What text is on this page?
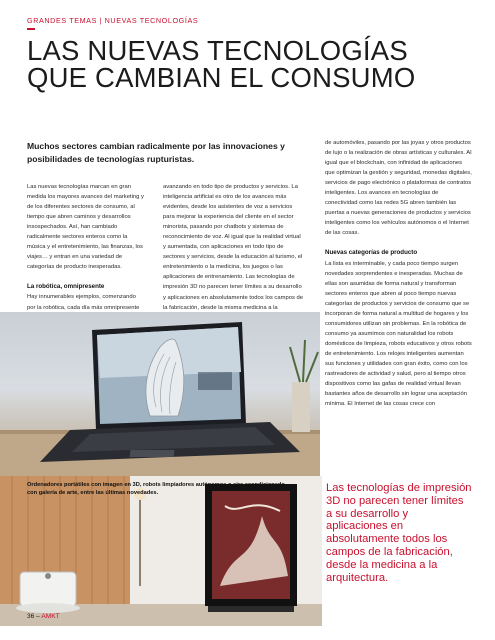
GRANDES TEMAS | NUEVAS TECNOLOGÍAS
LAS NUEVAS TECNOLOGÍAS
QUE CAMBIAN EL CONSUMO
Muchos sectores cambian radicalmente por las innovaciones y posibilidades de tecnologías rupturistas.

Las nuevas tecnologías marcan en gran medida los mayores avances del marketing y de los diferentes sectores de consumo, al tiempo que abren caminos y desarrollos insospechados. Así, han cambiado radicalmente sectores enteros como la música y el entretenimiento, las finanzas, los viajes… y entran en una variedad de categorías de producto inesperadas.

La robótica, omnipresente

Hay innumerables ejemplos, comenzando por la robótica, cada día más omnipresente

avanzando en todo tipo de productos y servicios. La inteligencia artificial es otro de los avances más evidentes, desde los asistentes de voz a servicios para mejorar la experiencia del cliente en el sector minorista, pasando por chatbots y sistemas de reconocimiento de voz. Al igual que la realidad virtual y aumentada, con aplicaciones en todo tipo de sectores y servicios, desde la educación al turismo, el entretenimiento o la medicina, los juegos o las aplicaciones de entrenamiento. Las tecnologías de impresión 3D no parecen tener límites a su desarrollo y aplicaciones en absolutamente todos los campos de la fabricación, desde la misma medicina a la

de automóviles, pasando por las joyas y otros productos de lujo o la realización de obras artísticas y culturales. Al igual que el blockchain, con infinidad de aplicaciones que optimizan la gestión y seguridad, monedas digitales, servicios de pago electrónico o plataformas de contratos inteligentes. Los avances en tecnologías de conectividad como las redes 5G abren también las puertas a nuevas generaciones de productos y servicios inteligentes como los vehículos autónomos o el Internet de las cosas.

Nuevas categorías de producto

La lista es interminable, y cada poco tiempo surgen novedades sorprendentes e inesperadas. Muchas de ellas son asumidas de forma natural y transforman sectores enteros que abren al poco tiempo nuevas categorías de productos y servicios de consumo que se incorporan de forma natural a multitud de hogares y los consumidores utilizan sin problemas. En la robótica de consumo ya asumimos con naturalidad los robots domésticos de limpieza, robots educativos y otros robots de entretenimiento. Los relojes inteligentes aumentan sus funciones y utilidades con gran éxito, como con los rastreadores de actividad y salud, pero al tiempo otros dispositivos como las gafas de realidad virtual llevan bastantes años de desarrollo sin lograr una aceptación mínima. El Internet de las cosas crece con

Ordenadores portátiles con imagen en 3D, robots limpiadores autónomos o aire acondicionado con galería de arte, entre las últimas novedades.	Las tecnologías de impresión 3D no parecen tener límites a su desarrollo y aplicaciones en absolutamente todos los campos de la fabricación, desde la medicina a la arquitectura.
36 – AMKT
